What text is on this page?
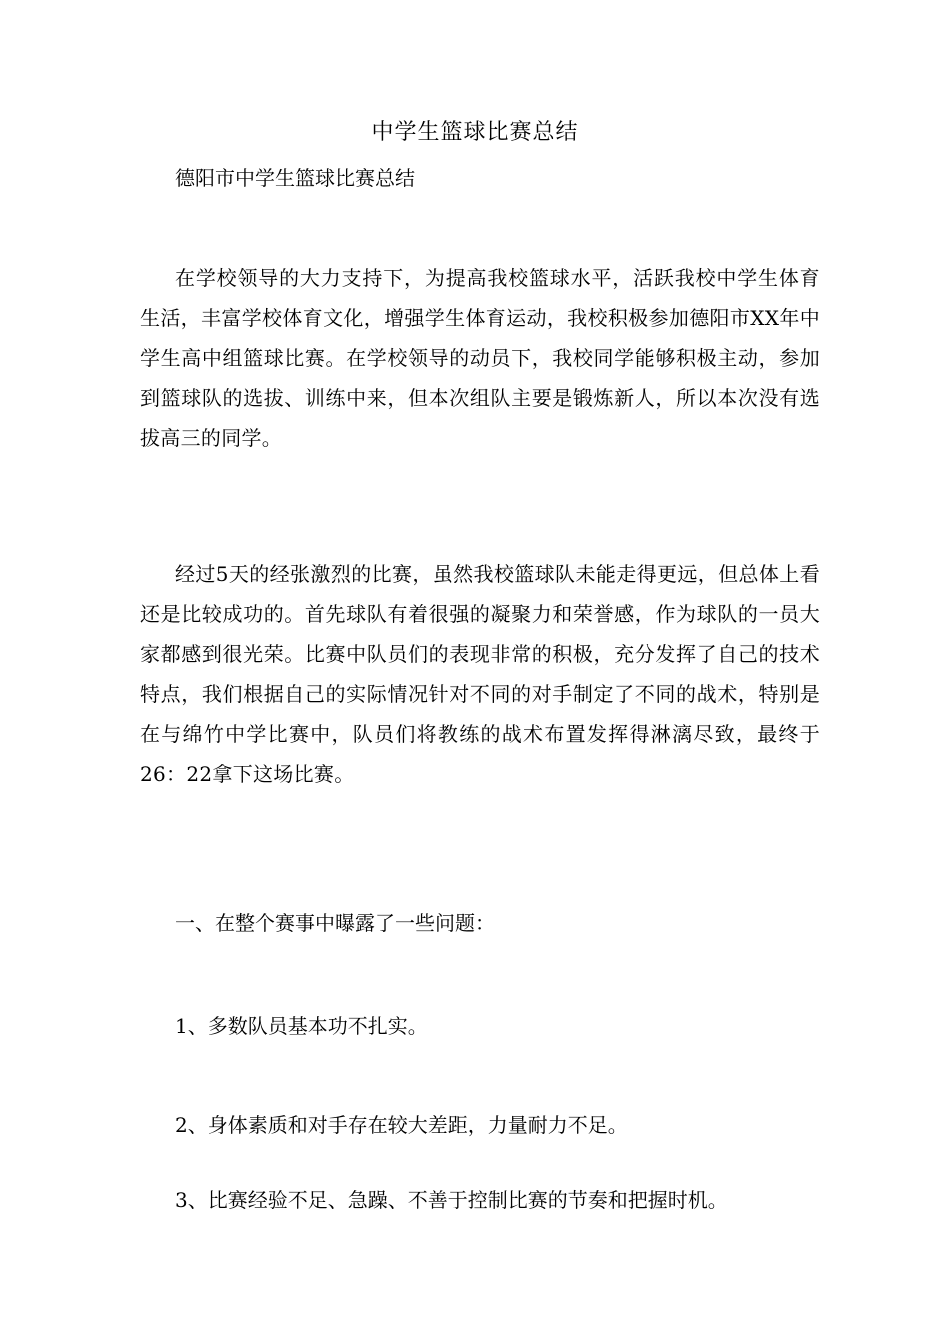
中学生篮球比赛总结

德阳市中学生篮球比赛总结

在学校领导的大力支持下，为提高我校篮球水平，活跃我校中学生体育生活，丰富学校体育文化，增强学生体育运动，我校积极参加德阳市XX年中学生高中组篮球比赛。在学校领导的动员下，我校同学能够积极主动，参加到篮球队的选拔、训练中来，但本次组队主要是锻炼新人，所以本次没有选拔高三的同学。

经过5天的经张激烈的比赛，虽然我校篮球队未能走得更远，但总体上看还是比较成功的。首先球队有着很强的凝聚力和荣誉感，作为球队的一员大家都感到很光荣。比赛中队员们的表现非常的积极，充分发挥了自己的技术特点，我们根据自己的实际情况针对不同的对手制定了不同的战术，特别是在与绵竹中学比赛中，队员们将教练的战术布置发挥得淋漓尽致，最终于26：22拿下这场比赛。

一、在整个赛事中曝露了一些问题：

1、多数队员基本功不扎实。

2、身体素质和对手存在较大差距，力量耐力不足。

3、比赛经验不足、急躁、不善于控制比赛的节奏和把握时机。
